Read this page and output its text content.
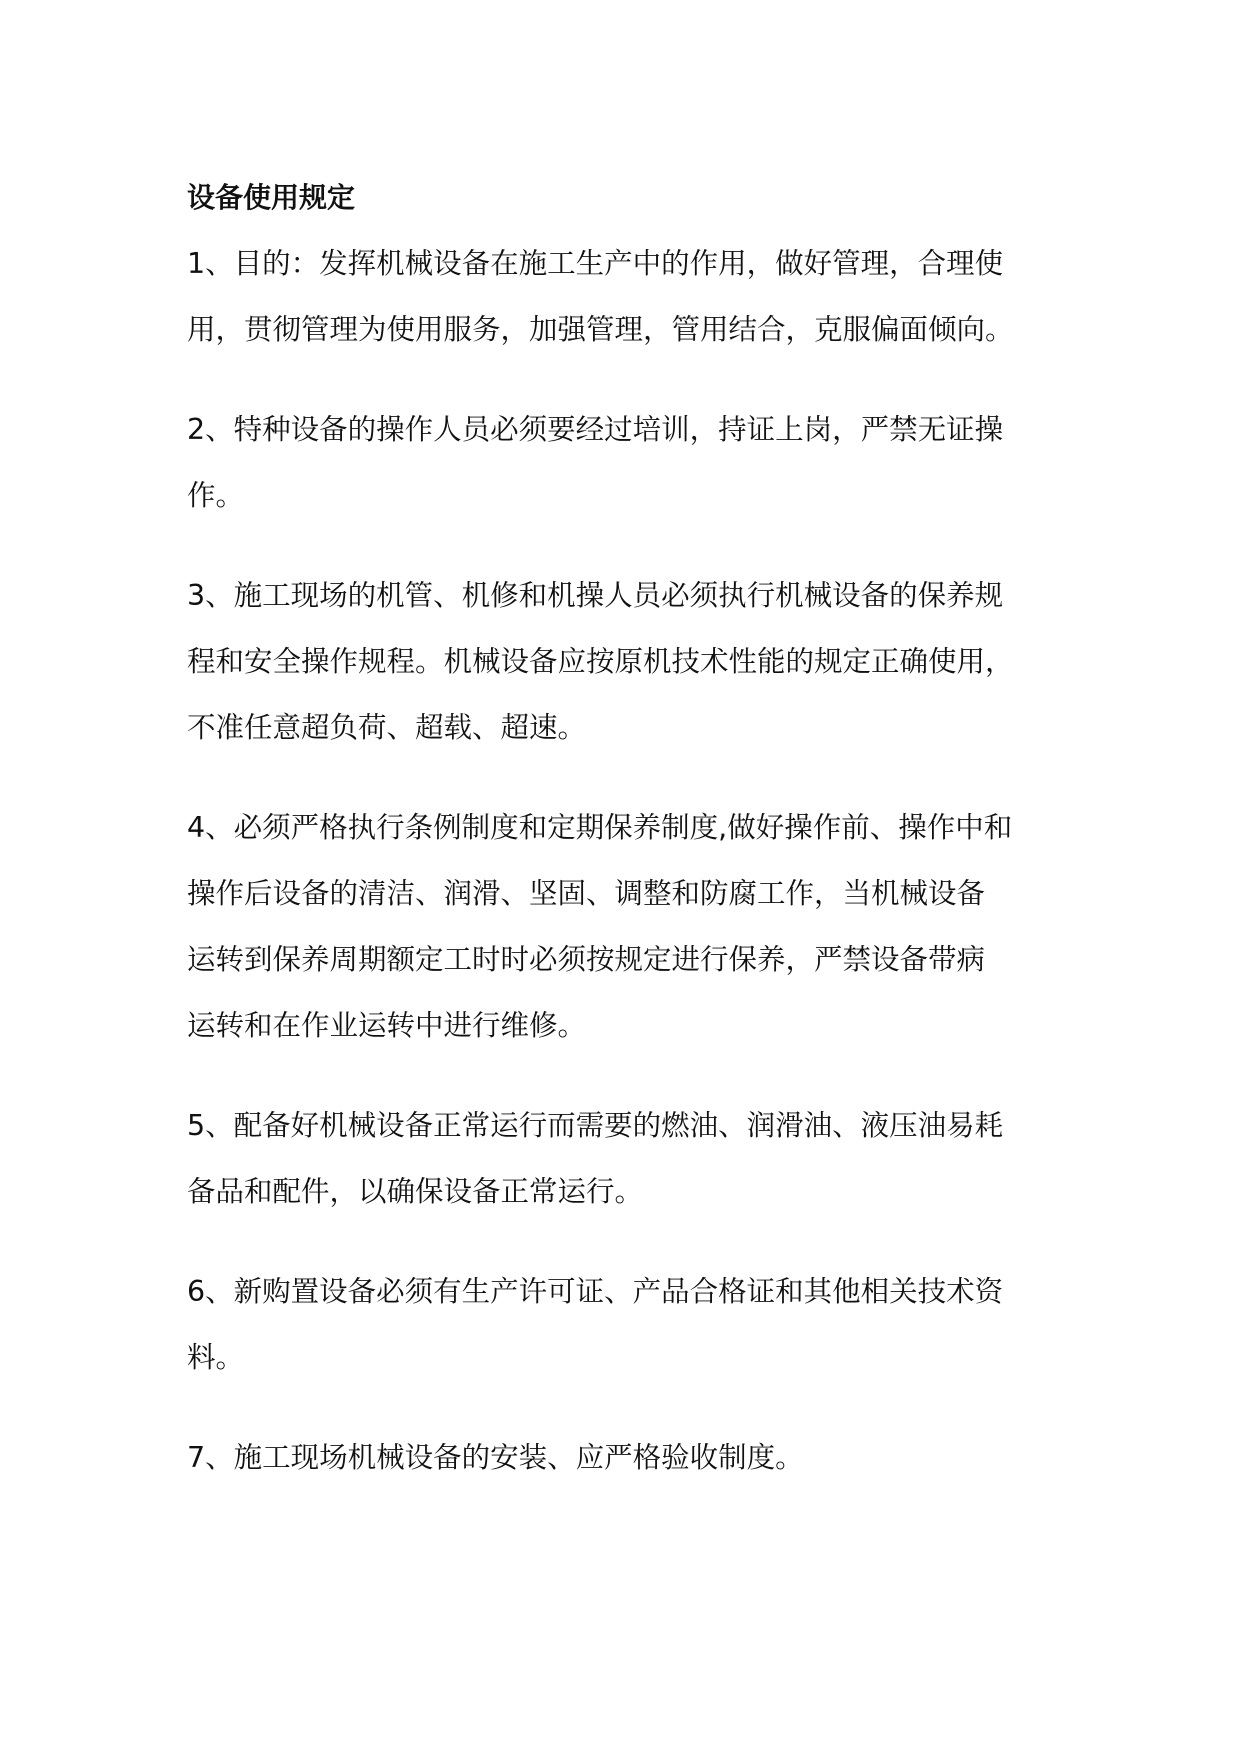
设备使用规定

1、目的：发挥机械设备在施工生产中的作用，做好管理，合理使
用，贯彻管理为使用服务，加强管理，管用结合，克服偏面倾向。

2、特种设备的操作人员必须要经过培训，持证上岗，严禁无证操
作。

3、施工现场的机管、机修和机操人员必须执行机械设备的保养规
程和安全操作规程。机械设备应按原机技术性能的规定正确使用，
不准任意超负荷、超载、超速。

4、必须严格执行条例制度和定期保养制度,做好操作前、操作中和
操作后设备的清洁、润滑、坚固、调整和防腐工作，当机械设备
运转到保养周期额定工时时必须按规定进行保养，严禁设备带病
运转和在作业运转中进行维修。

5、配备好机械设备正常运行而需要的燃油、润滑油、液压油易耗
备品和配件，以确保设备正常运行。

6、新购置设备必须有生产许可证、产品合格证和其他相关技术资
料。

7、施工现场机械设备的安装、应严格验收制度。
